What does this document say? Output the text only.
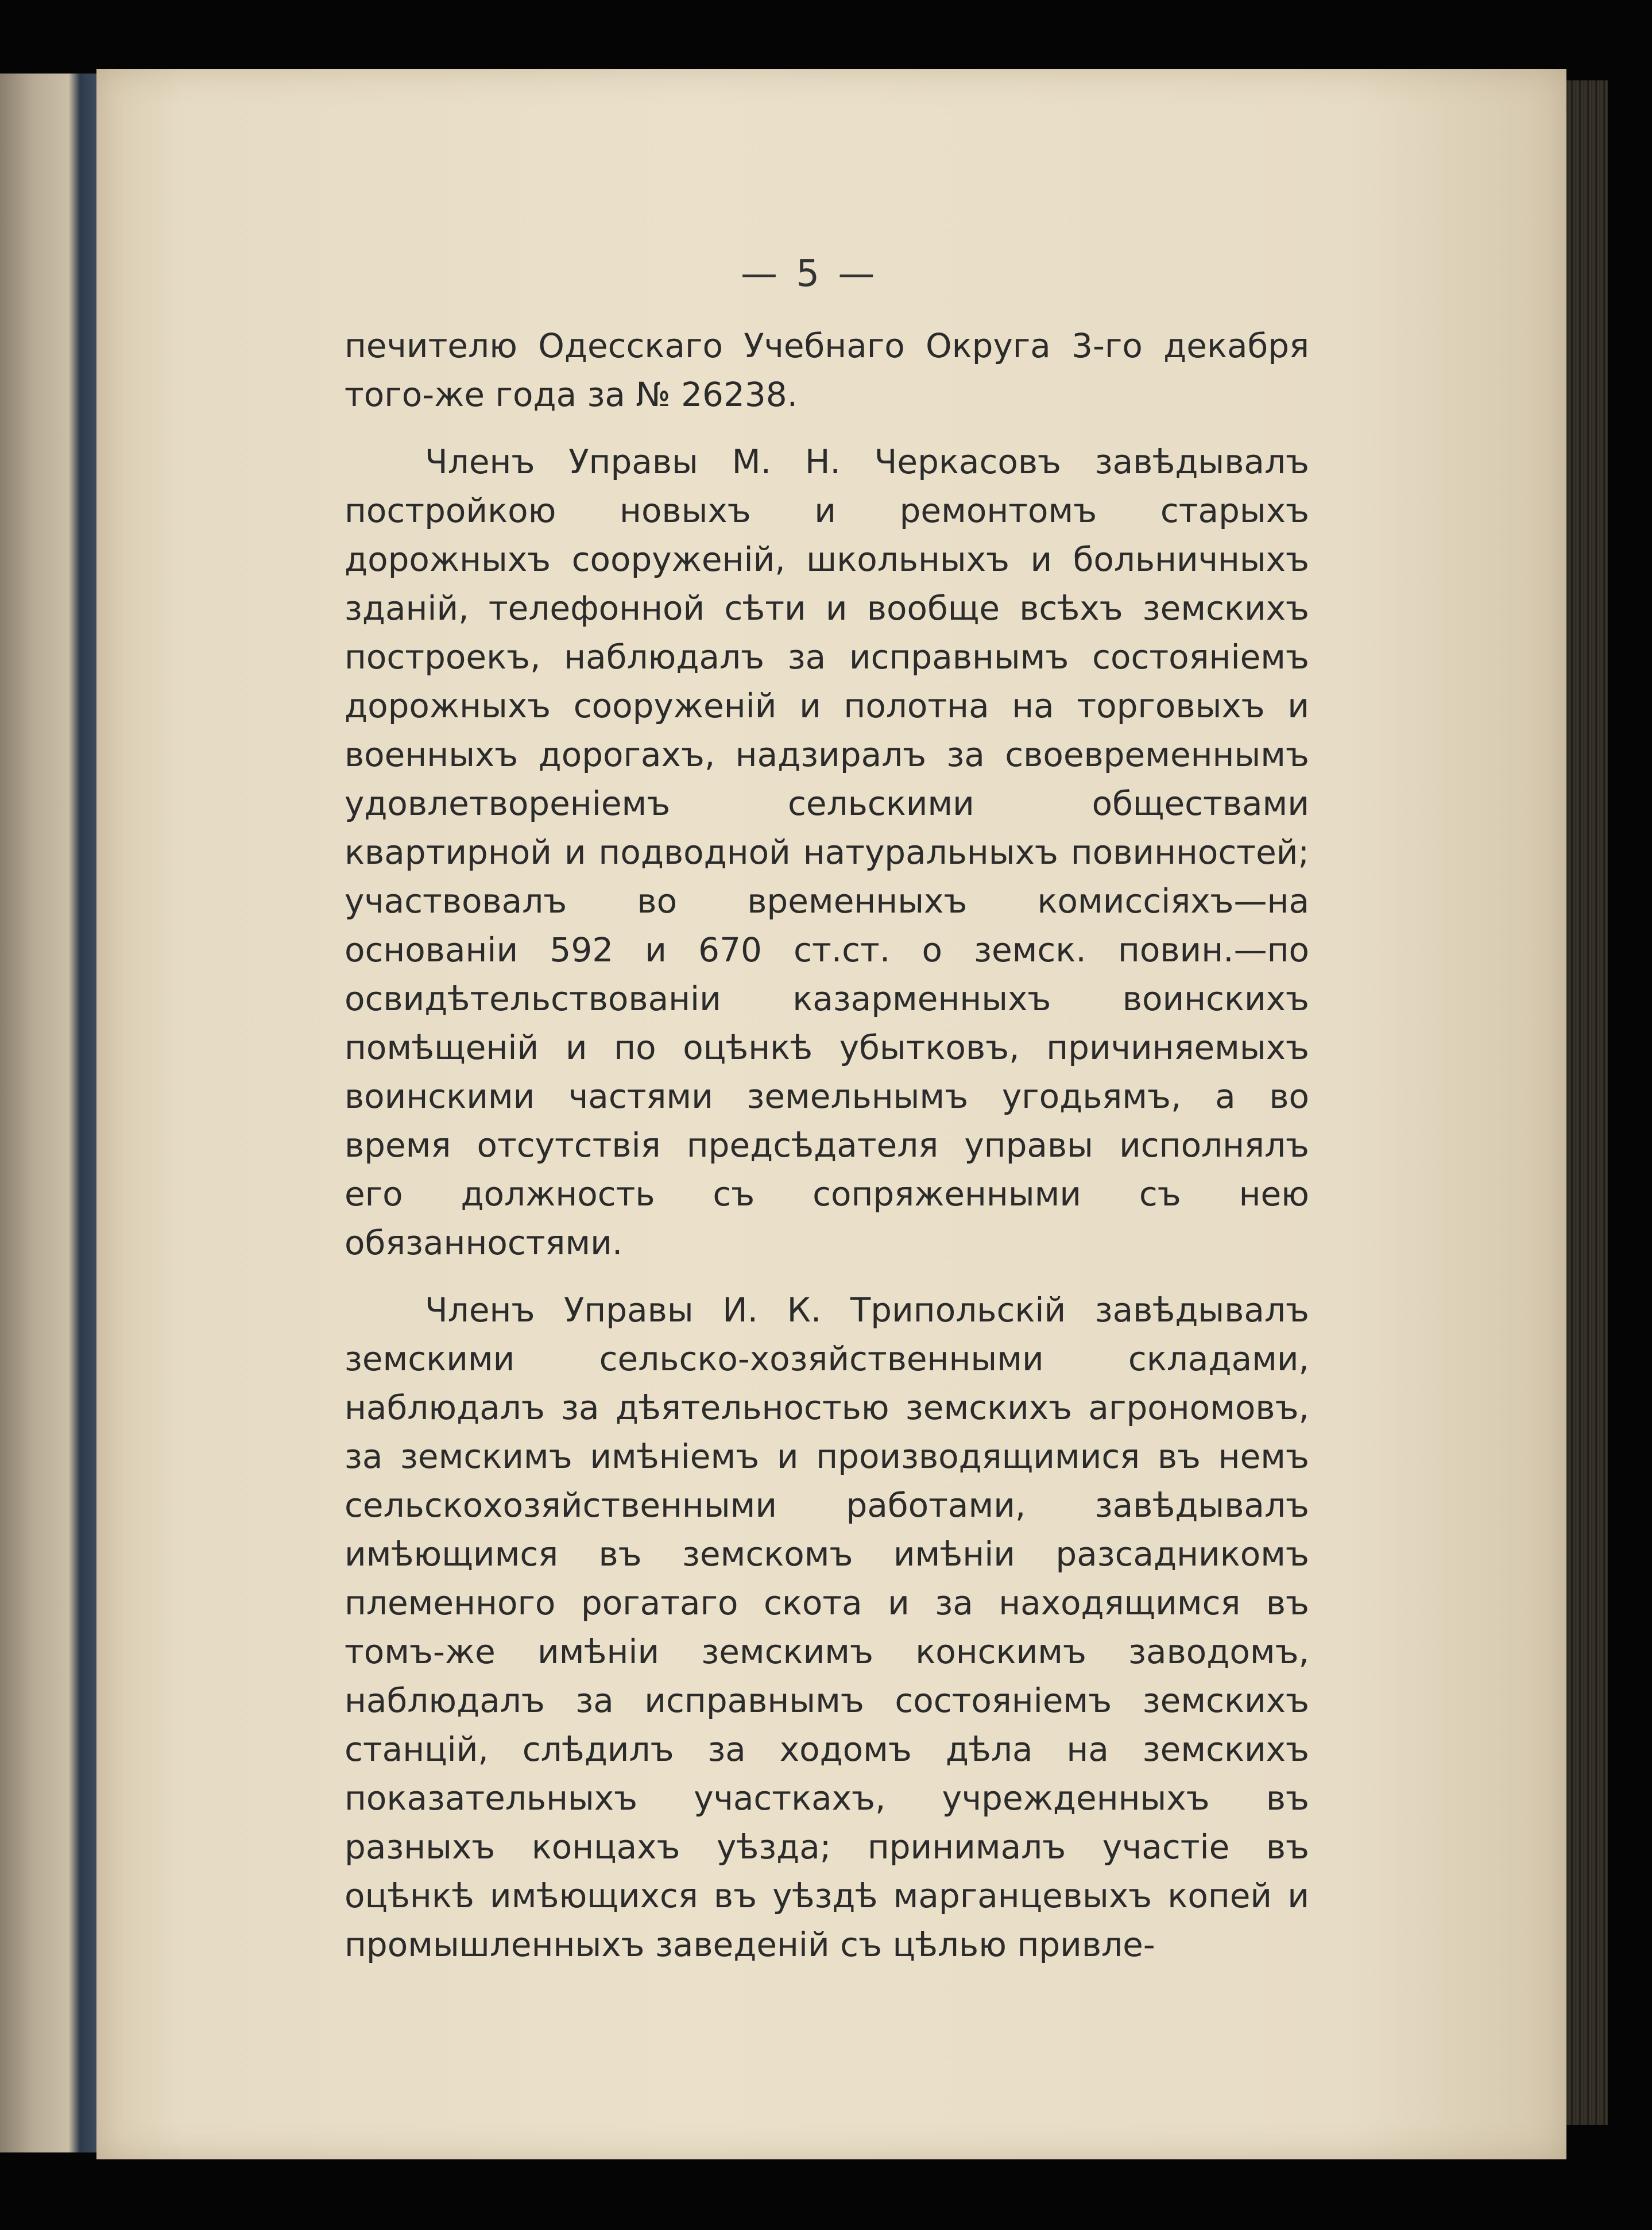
— 5 —

печителю Одесскаго Учебнаго Округа 3-го декабря того-же года за № 26238.

Членъ Управы М. Н. Черкасовъ завѣдывалъ постройкою новыхъ и ремонтомъ старыхъ дорожныхъ сооруженій, школьныхъ и больничныхъ зданій, телефонной сѣти и вообще всѣхъ земскихъ построекъ, наблюдалъ за исправнымъ состояніемъ дорожныхъ сооруженій и полотна на торговыхъ и военныхъ дорогахъ, надзиралъ за своевременнымъ удовлетвореніемъ сельскими обществами квартирной и подводной натуральныхъ повинностей; участвовалъ во временныхъ комиссіяхъ—на основаніи 592 и 670 ст.ст. о земск. повин.—по освидѣтельствованіи казарменныхъ воинскихъ помѣщеній и по оцѣнкѣ убытковъ, причиняемыхъ воинскими частями земельнымъ угодьямъ, а во время отсутствія предсѣдателя управы исполнялъ его должность съ сопряженными съ нею обязанностями.

Членъ Управы И. К. Трипольскій завѣдывалъ земскими сельско-хозяйственными складами, наблюдалъ за дѣятельностью земскихъ агрономовъ, за земскимъ имѣніемъ и производящимися въ немъ сельскохозяйственными работами, завѣдывалъ имѣющимся въ земскомъ имѣніи разсадникомъ племенного рогатаго скота и за находящимся въ томъ-же имѣніи земскимъ конскимъ заводомъ, наблюдалъ за исправнымъ состояніемъ земскихъ станцій, слѣдилъ за ходомъ дѣла на земскихъ показательныхъ участкахъ, учрежденныхъ въ разныхъ концахъ уѣзда; принималъ участіе въ оцѣнкѣ имѣющихся въ уѣздѣ марганцевыхъ копей и промышленныхъ заведеній съ цѣлью привле-
